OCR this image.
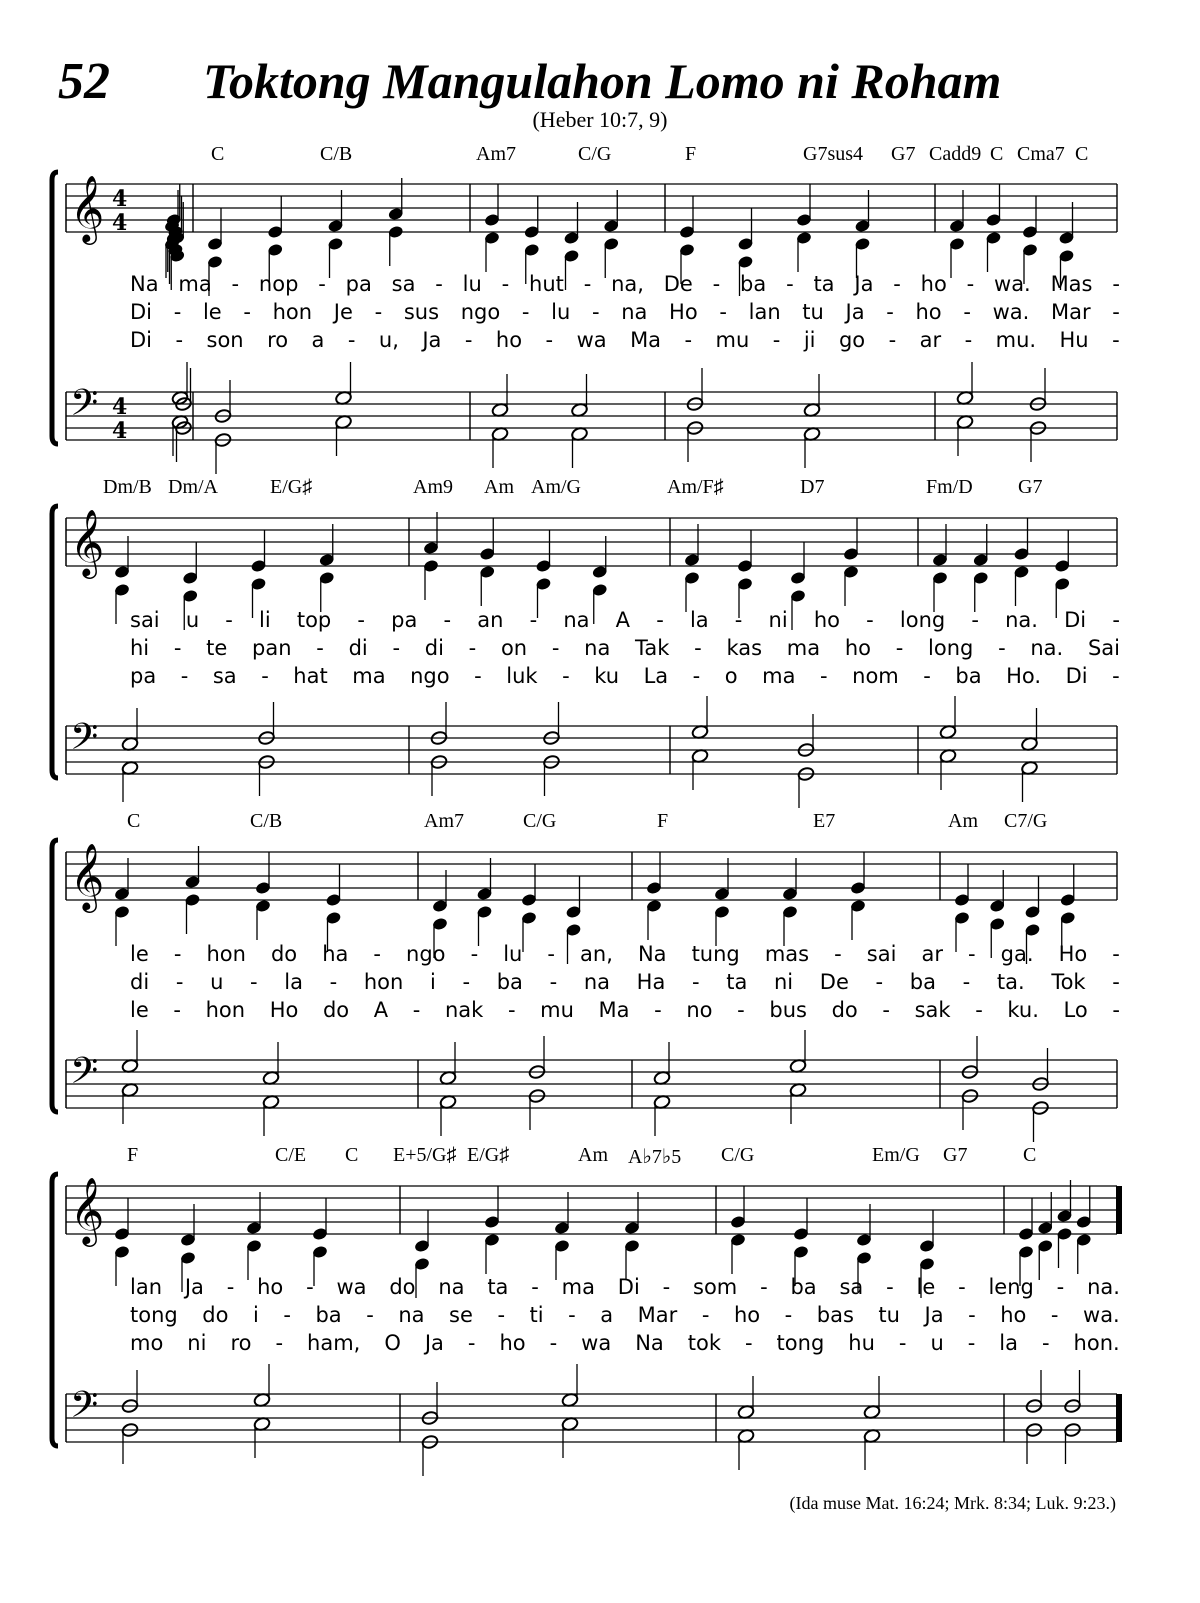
52 Toktong Mangulahon Lomo ni Roham
(Heber 10:7, 9)
𝄞 4
4
𝄢 4
4
𝄞
𝄢
𝄞
𝄢
𝄞
𝄢
C	C/B	Am7	C/G	F	G7sus4 G7 Cadd9 C Cma7 C
Dm/B Dm/A	E/G♯	Am9 Am Am/G	Am/F♯	D7	Fm/D G7
C	C/B	Am7	C/G	F	E7	Am C7/G
F	C/E C E+5/G♯ E/G♯	Am A♭7♭5 C/G	Em/G G7	C
Na ma - nop - pa sa - lu - hut - na, De - ba - ta Ja - ho - wa. Mas -
Di - le - hon Je - sus ngo - lu - na Ho - lan tu Ja - ho - wa. Mar -
Di - son ro a - u, Ja - ho - wa Ma - mu - ji go - ar - mu. Hu -
sai u - li top - pa - an - na A - la - ni ho - long - na. Di -
hi - te pan - di - di - on - na Tak - kas ma ho - long - na. Sai
pa - sa - hat ma ngo - luk - ku La - o ma - nom - ba Ho. Di -
le - hon do ha - ngo - lu - an, Na tung mas - sai ar - ga. Ho -
di - u - la - hon i - ba - na Ha - ta ni De - ba - ta. Tok -
le - hon Ho do A - nak - mu Ma - no - bus do - sak - ku. Lo -
lan Ja - ho - wa do na ta - ma Di - som - ba sa - le - leng - na.
tong do i - ba - na se - ti - a Mar - ho - bas tu Ja - ho - wa.
mo ni ro - ham, O Ja - ho - wa Na tok - tong hu - u - la - hon.
(Ida muse Mat. 16:24; Mrk. 8:34; Luk. 9:23.)
